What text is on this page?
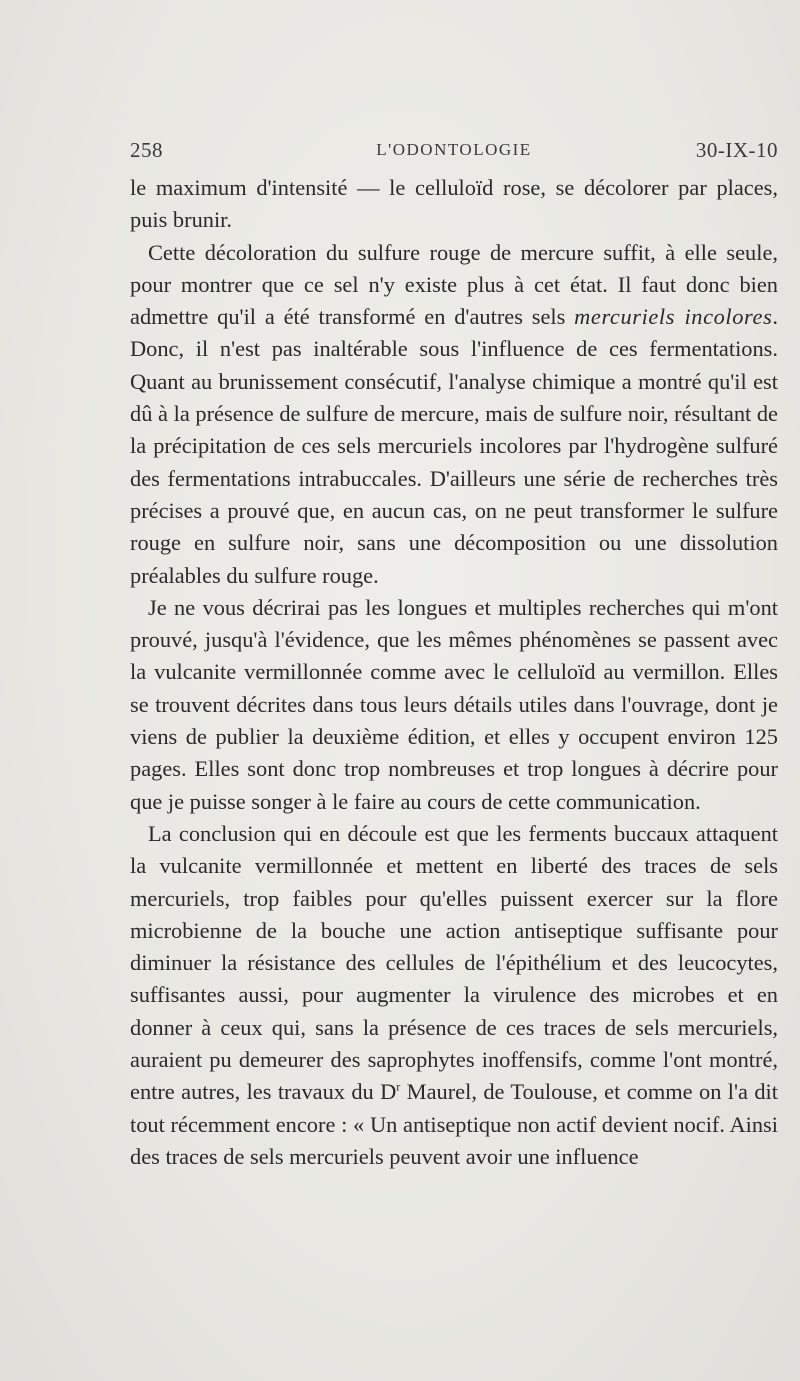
258	L'ODONTOLOGIE	30-IX-10

le maximum d'intensité — le celluloïd rose, se décolorer par places, puis brunir.

Cette décoloration du sulfure rouge de mercure suffit, à elle seule, pour montrer que ce sel n'y existe plus à cet état. Il faut donc bien admettre qu'il a été transformé en d'autres sels mercuriels incolores. Donc, il n'est pas inaltérable sous l'influence de ces fermentations. Quant au brunissement consécutif, l'analyse chimique a montré qu'il est dû à la présence de sulfure de mercure, mais de sulfure noir, résultant de la précipitation de ces sels mercuriels incolores par l'hydrogène sulfuré des fermentations intrabuccales. D'ailleurs une série de recherches très précises a prouvé que, en aucun cas, on ne peut transformer le sulfure rouge en sulfure noir, sans une décomposition ou une dissolution préalables du sulfure rouge.

Je ne vous décrirai pas les longues et multiples recherches qui m'ont prouvé, jusqu'à l'évidence, que les mêmes phénomènes se passent avec la vulcanite vermillonnée comme avec le celluloïd au vermillon. Elles se trouvent décrites dans tous leurs détails utiles dans l'ouvrage, dont je viens de publier la deuxième édition, et elles y occupent environ 125 pages. Elles sont donc trop nombreuses et trop longues à décrire pour que je puisse songer à le faire au cours de cette communication.

La conclusion qui en découle est que les ferments buccaux attaquent la vulcanite vermillonnée et mettent en liberté des traces de sels mercuriels, trop faibles pour qu'elles puissent exercer sur la flore microbienne de la bouche une action antiseptique suffisante pour diminuer la résistance des cellules de l'épithélium et des leucocytes, suffisantes aussi, pour augmenter la virulence des microbes et en donner à ceux qui, sans la présence de ces traces de sels mercuriels, auraient pu demeurer des saprophytes inoffensifs, comme l'ont montré, entre autres, les travaux du $D^r$ Maurel, de Toulouse, et comme on l'a dit tout récemment encore : « Un antiseptique non actif devient nocif. Ainsi des traces de sels mercuriels peuvent avoir une influence
